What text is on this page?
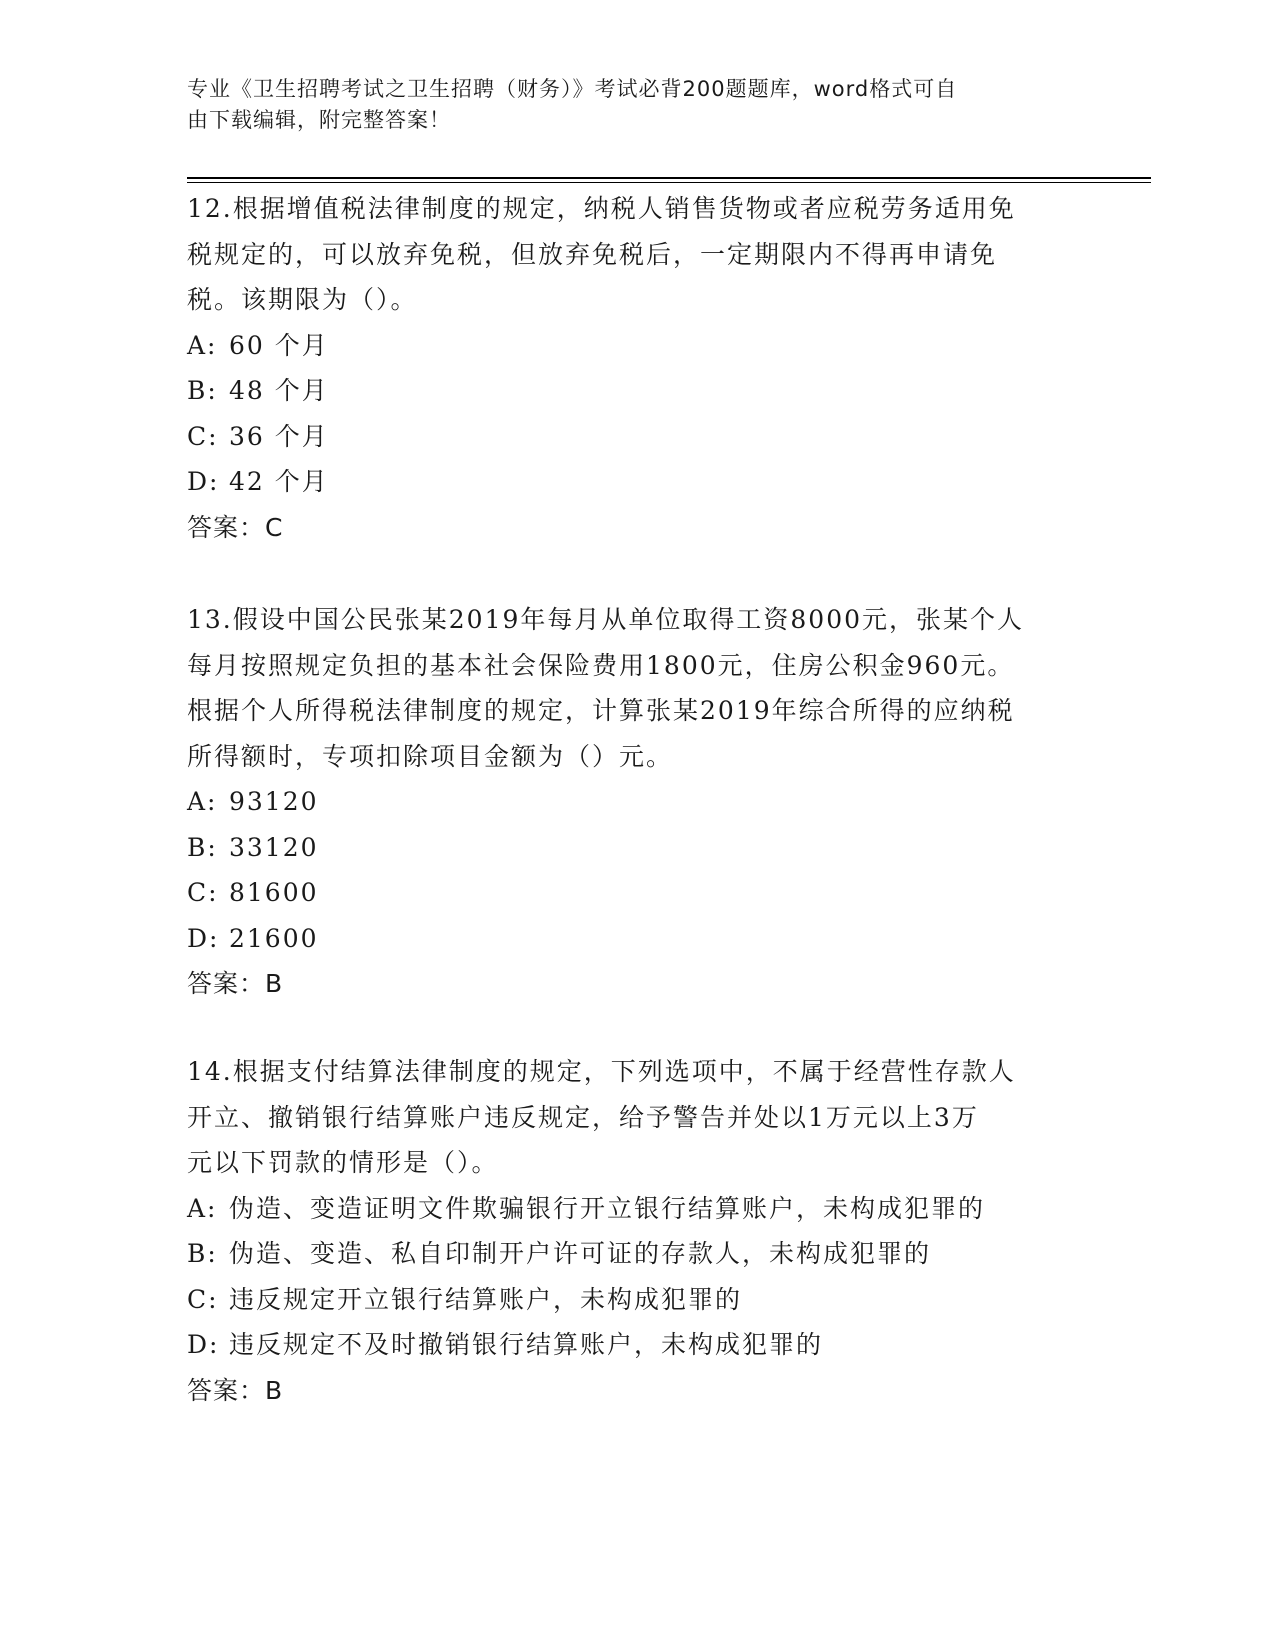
专业《卫生招聘考试之卫生招聘（财务）》考试必背200题题库，word格式可自
由下载编辑，附完整答案！
12.根据增值税法律制度的规定，纳税人销售货物或者应税劳务适用免
税规定的，可以放弃免税，但放弃免税后，一定期限内不得再申请免
税。该期限为（）。
A: 60 个月
B: 48 个月
C: 36 个月
D: 42 个月
答案：C
13.假设中国公民张某2019年每月从单位取得工资8000元，张某个人
每月按照规定负担的基本社会保险费用1800元，住房公积金960元。
根据个人所得税法律制度的规定，计算张某2019年综合所得的应纳税
所得额时，专项扣除项目金额为（）元。
A: 93120
B: 33120
C: 81600
D: 21600
答案：B
14.根据支付结算法律制度的规定，下列选项中，不属于经营性存款人
开立、撤销银行结算账户违反规定，给予警告并处以1万元以上3万
元以下罚款的情形是（）。
A: 伪造、变造证明文件欺骗银行开立银行结算账户，未构成犯罪的
B: 伪造、变造、私自印制开户许可证的存款人，未构成犯罪的
C: 违反规定开立银行结算账户，未构成犯罪的
D: 违反规定不及时撤销银行结算账户，未构成犯罪的
答案：B
